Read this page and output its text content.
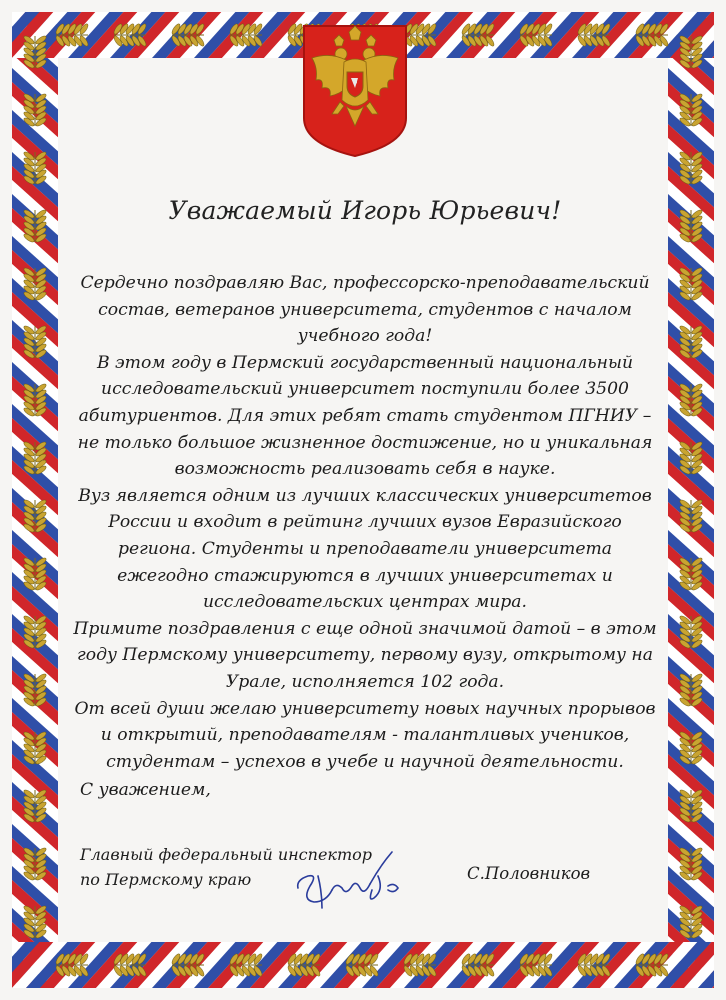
Уважаемый Игорь Юрьевич!

Сердечно поздравляю Вас, профессорско-преподавательский состав, ветеранов университета, студентов с началом учебного года!

В этом году в Пермский государственный национальный исследовательский университет поступили более 3500 абитуриентов. Для этих ребят стать студентом ПГНИУ – не только большое жизненное достижение, но и уникальная возможность реализовать себя в науке.

Вуз является одним из лучших классических университетов России и входит в рейтинг лучших вузов Евразийского региона. Студенты и преподаватели университета ежегодно стажируются в лучших университетах и исследовательских центрах мира.

Примите поздравления с еще одной значимой датой – в этом году Пермскому университету, первому вузу, открытому на Урале, исполняется 102 года.

От всей души желаю университету новых научных прорывов и открытий, преподавателям - талантливых учеников, студентам – успехов в учебе и научной деятельности.

С уважением,
Главный федеральный инспектор
по Пермскому краю	С.Половников
